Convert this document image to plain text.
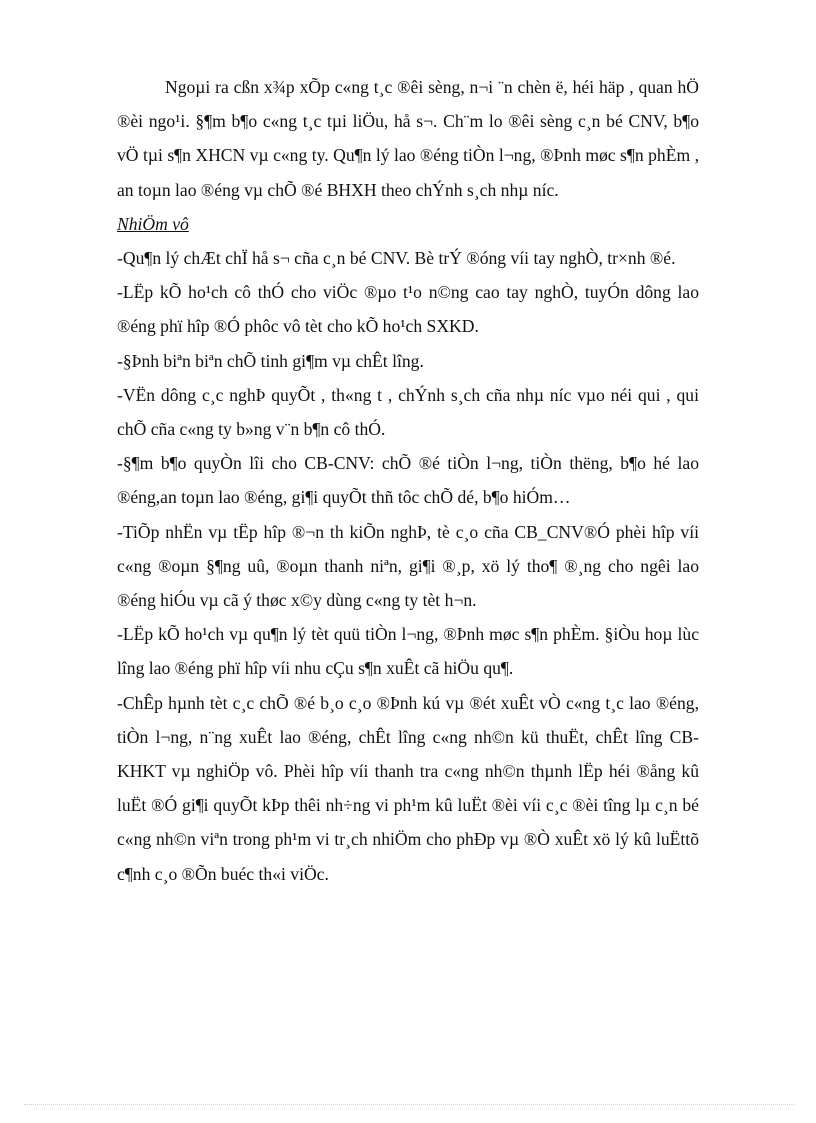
Ngoµi ra cßn x¾p xÕp c«ng t¸c ®êi sèng, n¬i ¨n chèn ë, héi häp , quan hÖ ®èi ngo¹i. §¶m b¶o c«ng t¸c tµi liÖu, hå s¬. Ch¨m lo ®êi sèng c¸n bé CNV, b¶o vÖ tµi s¶n XHCN vµ c«ng ty. Qu¶n lý lao ®éng tiÒn l¬ng, ®Þnh møc s¶n phÈm , an toµn lao ®éng vµ chÕ ®é BHXH theo chÝnh s¸ch nhµ níc.

NhiÖm vô

-Qu¶n lý chÆt chÏ hå s¬ cña c¸n bé CNV. Bè trÝ ®óng víi tay nghÒ, tr×nh ®é.

-LËp kÕ ho¹ch cô thÓ cho viÖc ®µo t¹o n©ng cao tay nghÒ, tuyÓn dông lao ®éng phï hîp ®Ó phôc vô tèt cho kÕ ho¹ch SXKD.

-§Þnh biªn biªn chÕ tinh gi¶m vµ chÊt lîng.

-VËn dông c¸c nghÞ quyÕt , th«ng t , chÝnh s¸ch cña nhµ níc vµo néi qui , qui chÕ cña c«ng ty b»ng v¨n b¶n cô thÓ.

-§¶m b¶o quyÒn lîi cho CB-CNV: chÕ ®é tiÒn l¬ng, tiÒn thëng, b¶o hé lao ®éng,an toµn lao ®éng, gi¶i quyÕt thñ tôc chÕ dé, b¶o hiÓm…

-TiÕp nhËn vµ tËp hîp ®¬n th kiÕn nghÞ, tè c¸o cña CB_CNV®Ó phèi hîp víi c«ng ®oµn §¶ng uû, ®oµn thanh niªn, gi¶i ®¸p, xö lý tho¶ ®¸ng cho ngêi lao ®éng hiÓu vµ cã ý thøc x©y dùng c«ng ty tèt h¬n.

-LËp kÕ ho¹ch vµ qu¶n lý tèt quü tiÒn l¬ng, ®Þnh møc s¶n phÈm. §iÒu hoµ lùc lîng lao ®éng phï hîp víi nhu cÇu s¶n xuÊt cã hiÖu qu¶.

-ChÊp hµnh tèt c¸c chÕ ®é b¸o c¸o ®Þnh kú vµ ®ét xuÊt vÒ c«ng t¸c lao ®éng, tiÒn l¬ng, n¨ng xuÊt lao ®éng, chÊt lîng c«ng nh©n kü thuËt, chÊt lîng CB-KHKT vµ nghiÖp vô. Phèi hîp víi thanh tra c«ng nh©n thµnh lËp héi ®ång kû luËt ®Ó gi¶i quyÕt kÞp thêi nh÷ng vi ph¹m kû luËt ®èi víi c¸c ®èi tîng lµ c¸n bé c«ng nh©n viªn trong ph¹m vi tr¸ch nhiÖm cho phÐp vµ ®Ò xuÊt xö lý kû luËttõ c¶nh c¸o ®Õn buéc th«i viÖc.
